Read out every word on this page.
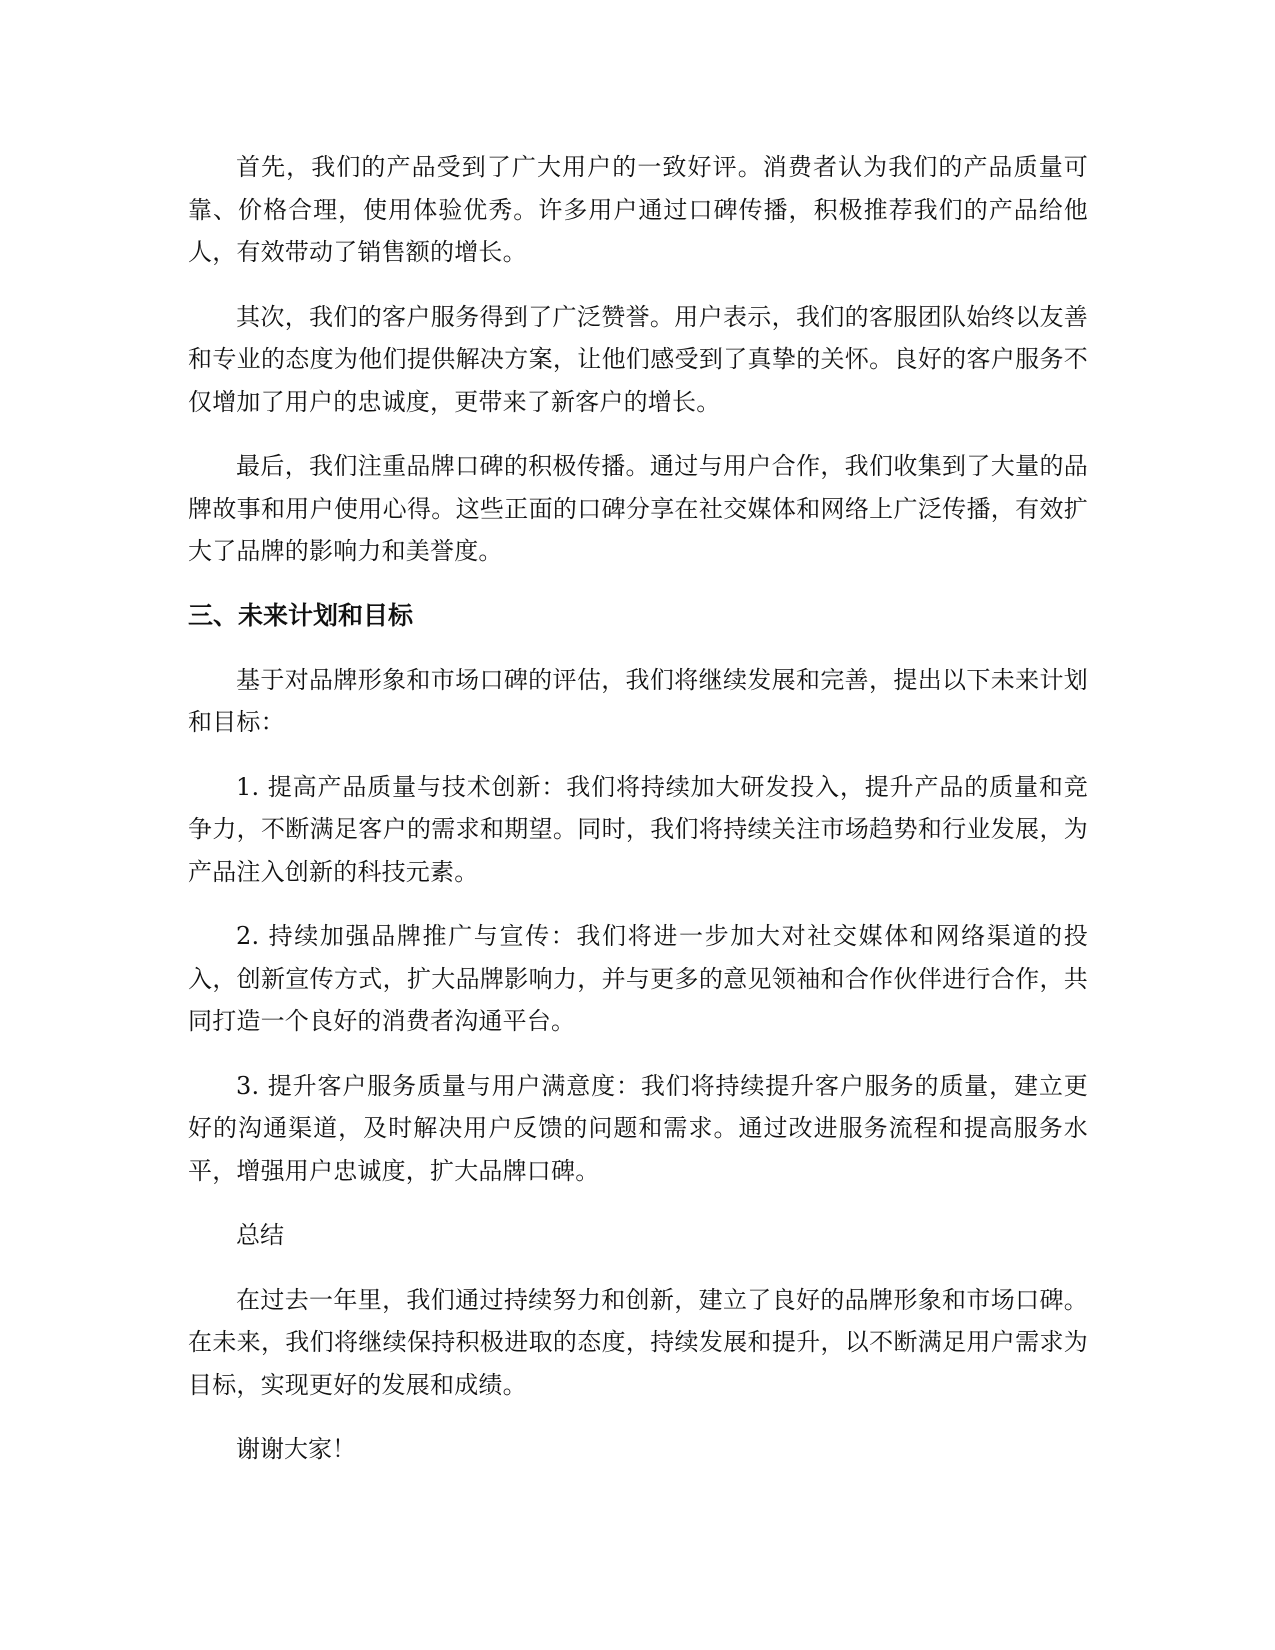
首先，我们的产品受到了广大用户的一致好评。消费者认为我们的产品质量可靠、价格合理，使用体验优秀。许多用户通过口碑传播，积极推荐我们的产品给他人，有效带动了销售额的增长。

其次，我们的客户服务得到了广泛赞誉。用户表示，我们的客服团队始终以友善和专业的态度为他们提供解决方案，让他们感受到了真挚的关怀。良好的客户服务不仅增加了用户的忠诚度，更带来了新客户的增长。

最后，我们注重品牌口碑的积极传播。通过与用户合作，我们收集到了大量的品牌故事和用户使用心得。这些正面的口碑分享在社交媒体和网络上广泛传播，有效扩大了品牌的影响力和美誉度。

三、未来计划和目标

基于对品牌形象和市场口碑的评估，我们将继续发展和完善，提出以下未来计划和目标：

1. 提高产品质量与技术创新：我们将持续加大研发投入，提升产品的质量和竞争力，不断满足客户的需求和期望。同时，我们将持续关注市场趋势和行业发展，为产品注入创新的科技元素。

2. 持续加强品牌推广与宣传：我们将进一步加大对社交媒体和网络渠道的投入，创新宣传方式，扩大品牌影响力，并与更多的意见领袖和合作伙伴进行合作，共同打造一个良好的消费者沟通平台。

3. 提升客户服务质量与用户满意度：我们将持续提升客户服务的质量，建立更好的沟通渠道，及时解决用户反馈的问题和需求。通过改进服务流程和提高服务水平，增强用户忠诚度，扩大品牌口碑。

总结

在过去一年里，我们通过持续努力和创新，建立了良好的品牌形象和市场口碑。在未来，我们将继续保持积极进取的态度，持续发展和提升，以不断满足用户需求为目标，实现更好的发展和成绩。

谢谢大家！
